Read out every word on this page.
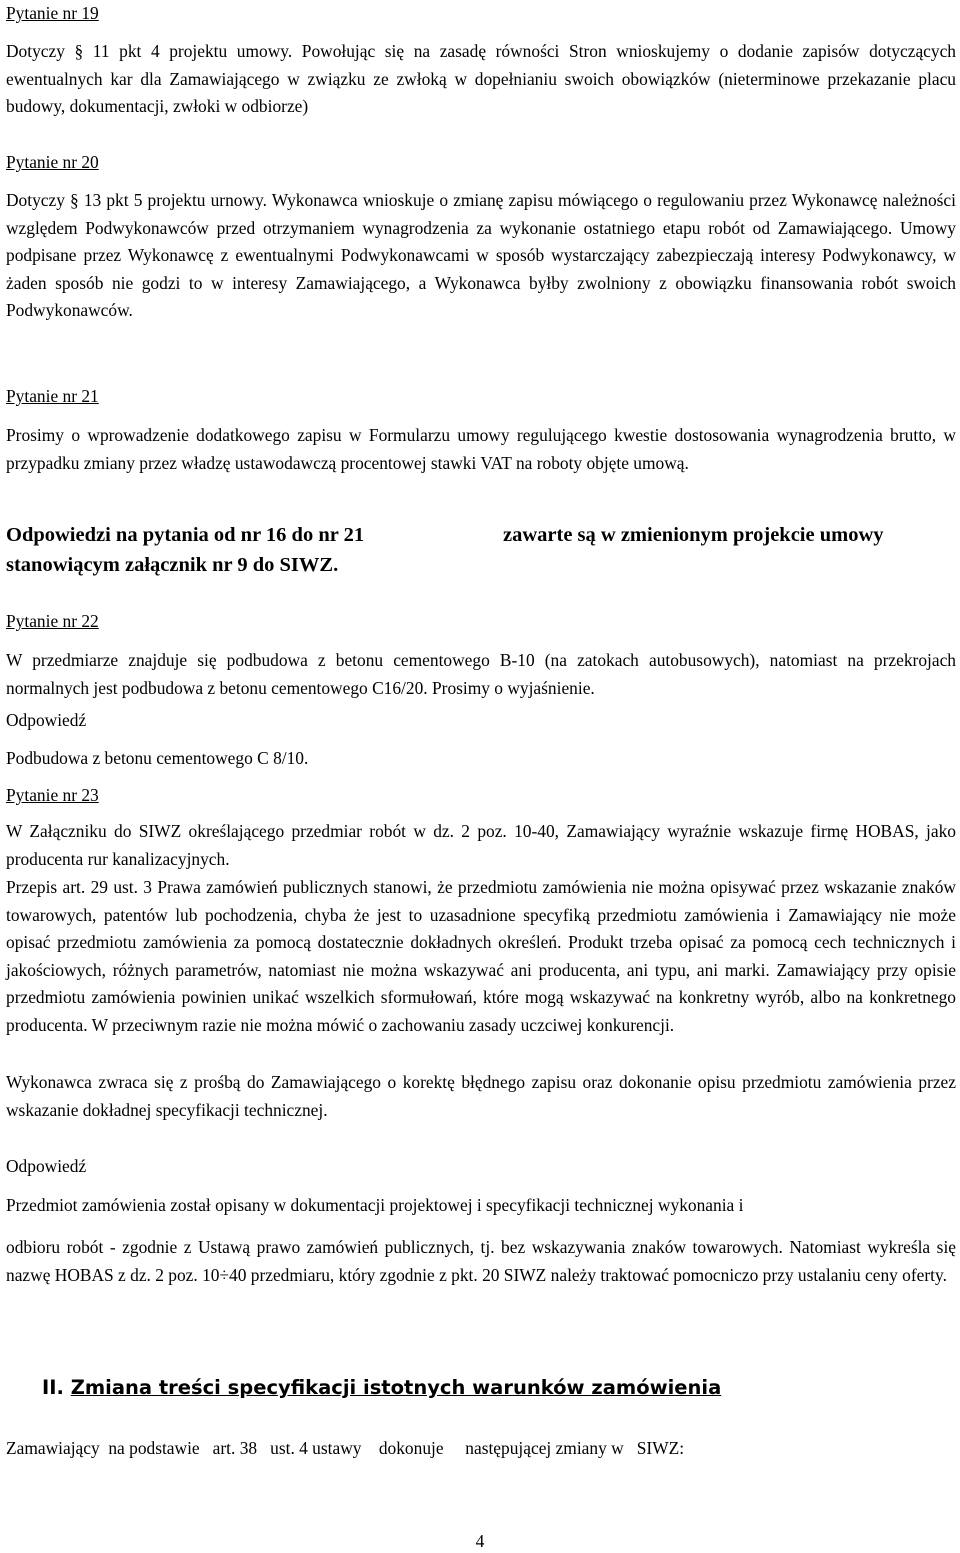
Pytanie nr 19

Dotyczy § 11 pkt 4 projektu umowy. Powołując się na zasadę równości Stron wnioskujemy o dodanie zapisów dotyczących ewentualnych kar dla Zamawiającego w związku ze zwłoką w dopełnianiu swoich obowiązków (nieterminowe przekazanie placu budowy, dokumentacji, zwłoki w odbiorze)

Pytanie nr 20

Dotyczy § 13 pkt 5 projektu urnowy. Wykonawca wnioskuje o zmianę zapisu mówiącego o regulowaniu przez Wykonawcę należności względem Podwykonawców przed otrzymaniem wynagrodzenia za wykonanie ostatniego etapu robót od Zamawiającego. Umowy podpisane przez Wykonawcę z ewentualnymi Podwykonawcami w sposób wystarczający zabezpieczają interesy Podwykonawcy, w żaden sposób nie godzi to w interesy Zamawiającego, a Wykonawca byłby zwolniony z obowiązku finansowania robót swoich Podwykonawców.

Pytanie nr 21

Prosimy o wprowadzenie dodatkowego zapisu w Formularzu umowy regulującego kwestie dostosowania wynagrodzenia brutto, w przypadku zmiany przez władzę ustawodawczą procentowej stawki VAT na roboty objęte umową.

Odpowiedzi na pytania od nr 16 do nr 21	zawarte są w zmienionym projekcie umowy

stanowiącym załącznik nr 9 do SIWZ.

Pytanie nr 22

W przedmiarze znajduje się podbudowa z betonu cementowego B-10 (na zatokach autobusowych), natomiast na przekrojach normalnych jest podbudowa z betonu cementowego C16/20. Prosimy o wyjaśnienie.

Odpowiedź

Podbudowa z betonu cementowego C 8/10.

Pytanie nr 23

W Załączniku do SIWZ określającego przedmiar robót w dz. 2 poz. 10-40, Zamawiający wyraźnie wskazuje firmę HOBAS, jako producenta rur kanalizacyjnych.

Przepis art. 29 ust. 3 Prawa zamówień publicznych stanowi, że przedmiotu zamówienia nie można opisywać przez wskazanie znaków towarowych, patentów lub pochodzenia, chyba że jest to uzasadnione specyfiką przedmiotu zamówienia i Zamawiający nie może opisać przedmiotu zamówienia za pomocą dostatecznie dokładnych określeń. Produkt trzeba opisać za pomocą cech technicznych i jakościowych, różnych parametrów, natomiast nie można wskazywać ani producenta, ani typu, ani marki. Zamawiający przy opisie przedmiotu zamówienia powinien unikać wszelkich sformułowań, które mogą wskazywać na konkretny wyrób, albo na konkretnego producenta. W przeciwnym razie nie można mówić o zachowaniu zasady uczciwej konkurencji.

Wykonawca zwraca się z prośbą do Zamawiającego o korektę błędnego zapisu oraz dokonanie opisu przedmiotu zamówienia przez wskazanie dokładnej specyfikacji technicznej.

Odpowiedź

Przedmiot zamówienia został opisany w dokumentacji projektowej i specyfikacji technicznej wykonania i

odbioru robót - zgodnie z Ustawą prawo zamówień publicznych, tj. bez wskazywania znaków towarowych. Natomiast wykreśla się nazwę HOBAS z dz. 2 poz. 10÷40 przedmiaru, który zgodnie z pkt. 20 SIWZ należy traktować pomocniczo przy ustalaniu ceny oferty.

II. Zmiana treści specyfikacji istotnych warunków zamówienia

Zamawiający  na podstawie   art. 38   ust. 4 ustawy    dokonuje     następującej zmiany w   SIWZ:

4
